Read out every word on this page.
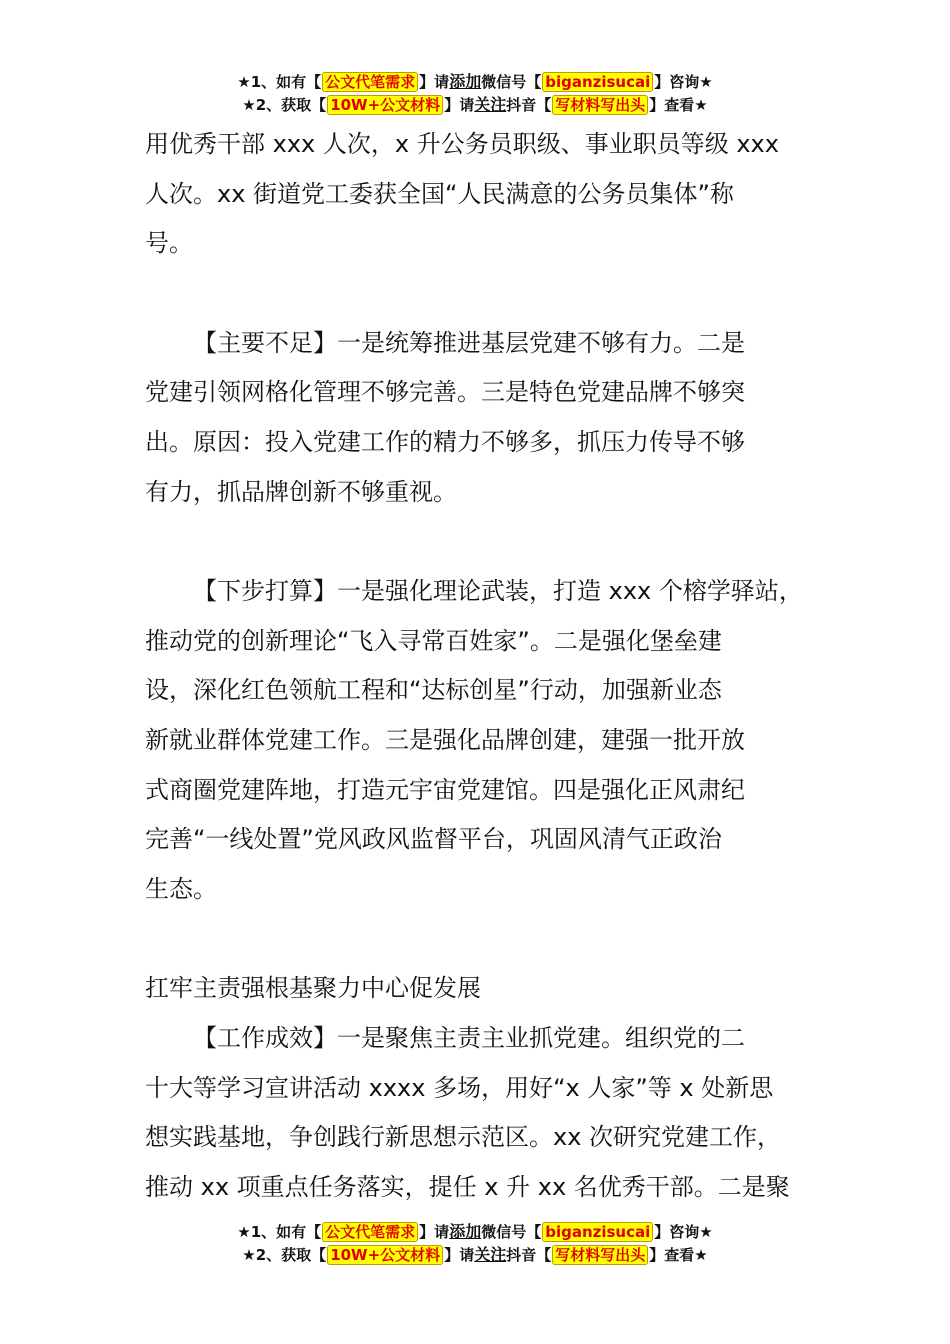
★1、如有【 公文代笔需求 】请添加微信号【 biganzisucai 】咨询★
★2、获取【 10W+公文材料 】请关注抖音【 写材料写出头 】查看★

用优秀干部 xxx 人次，x 升公务员职级、事业职员等级 xxx

人次。xx 街道党工委获全国“人民满意的公务员集体”称

号。

【主要不足】一是统筹推进基层党建不够有力。二是

党建引领网格化管理不够完善。三是特色党建品牌不够突

出。原因：投入党建工作的精力不够多，抓压力传导不够

有力，抓品牌创新不够重视。

【下步打算】一是强化理论武装，打造 xxx 个榕学驿站，

推动党的创新理论“飞入寻常百姓家”。二是强化堡垒建

设，深化红色领航工程和“达标创星”行动，加强新业态

新就业群体党建工作。三是强化品牌创建，建强一批开放

式商圈党建阵地，打造元宇宙党建馆。四是强化正风肃纪

完善“一线处置”党风政风监督平台，巩固风清气正政治

生态。

扛牢主责强根基聚力中心促发展

【工作成效】一是聚焦主责主业抓党建。组织党的二

十大等学习宣讲活动 xxxx 多场，用好“x 人家”等 x 处新思

想实践基地，争创践行新思想示范区。xx 次研究党建工作，

推动 xx 项重点任务落实，提任 x 升 xx 名优秀干部。二是聚

★1、如有【 公文代笔需求 】请添加微信号【 biganzisucai 】咨询★
★2、获取【 10W+公文材料 】请关注抖音【 写材料写出头 】查看★
